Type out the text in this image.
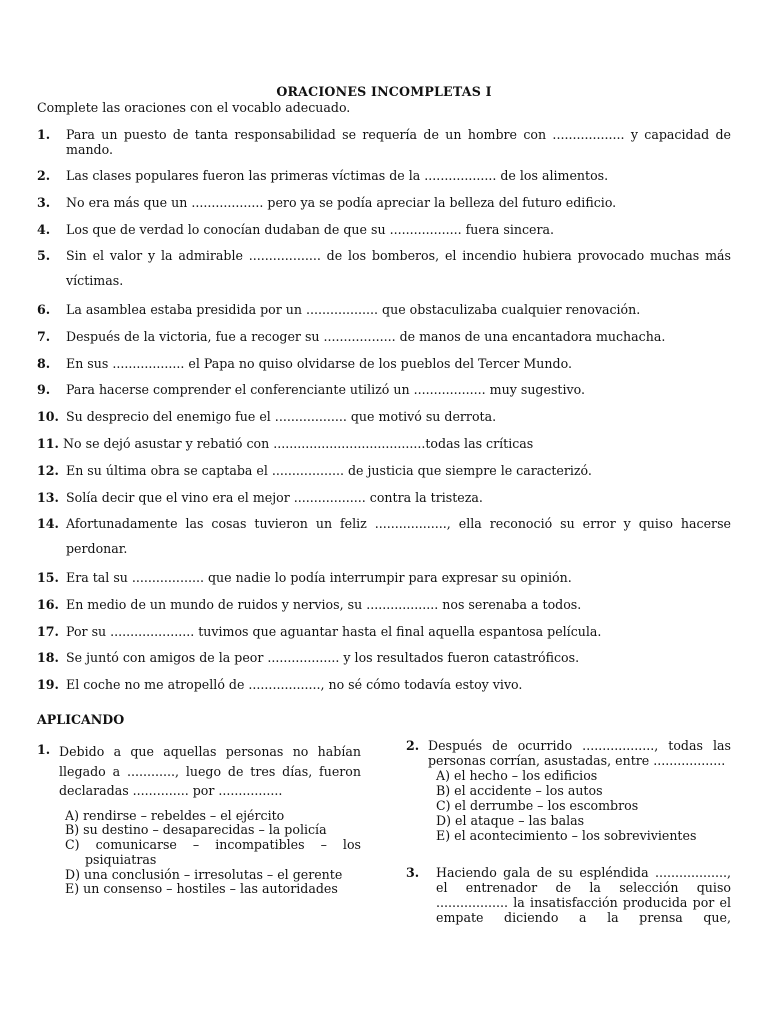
ORACIONES INCOMPLETAS I
Complete las oraciones con el vocablo adecuado.
1.	Para un puesto de tanta responsabilidad se requería de un hombre con .................. y capacidad de mando.
2.	Las clases populares fueron las primeras víctimas de la .................. de los alimentos.
3.	No era más que un .................. pero ya se podía apreciar la belleza del futuro edificio.
4.	Los que de verdad lo conocían dudaban de que su .................. fuera sincera.
5.	Sin el valor y la admirable .................. de los bomberos, el incendio hubiera provocado muchas más
víctimas.
6.	La asamblea estaba presidida por un .................. que obstaculizaba cualquier renovación.
7.	Después de la victoria, fue a recoger su .................. de manos de una encantadora muchacha.
8.	En sus .................. el Papa no quiso olvidarse de los pueblos del Tercer Mundo.
9.	Para hacerse comprender el conferenciante utilizó un .................. muy sugestivo.
10. Su desprecio del enemigo fue el .................. que motivó su derrota.
11. No se dejó asustar y rebatió con ......................................todas las críticas
12. En su última obra se captaba el .................. de justicia que siempre le caracterizó.
13. Solía decir que el vino era el mejor .................. contra la tristeza.
14. Afortunadamente las cosas tuvieron un feliz .................., ella reconoció su error y quiso hacerse
perdonar.
15. Era tal su .................. que nadie lo podía interrumpir para expresar su opinión.
16. En medio de un mundo de ruidos y nervios, su .................. nos serenaba a todos.
17. Por su ..................... tuvimos que aguantar hasta el final aquella espantosa película.
18. Se juntó con amigos de la peor .................. y los resultados fueron catastróficos.
19. El coche no me atropelló de .................., no sé cómo todavía estoy vivo.
APLICANDO
1. Debido a que aquellas personas no habían llegado a ............, luego de tres días, fueron declaradas .............. por ................
A) rendirse – rebeldes – el ejército
B) su destino – desaparecidas – la policía
C) comunicarse – incompatibles – los
psiquiatras
D) una conclusión – irresolutas – el gerente
E) un consenso – hostiles – las autoridades
2. Después de ocurrido .................., todas las personas corrían, asustadas, entre ..................
A) el hecho – los edificios
B) el accidente – los autos
C) el derrumbe – los escombros
D) el ataque – las balas
E) el acontecimiento – los sobrevivientes
3.	Haciendo gala de su espléndida .................., el entrenador de la selección quiso .................. la insatisfacción producida por el empate diciendo a la prensa que,
